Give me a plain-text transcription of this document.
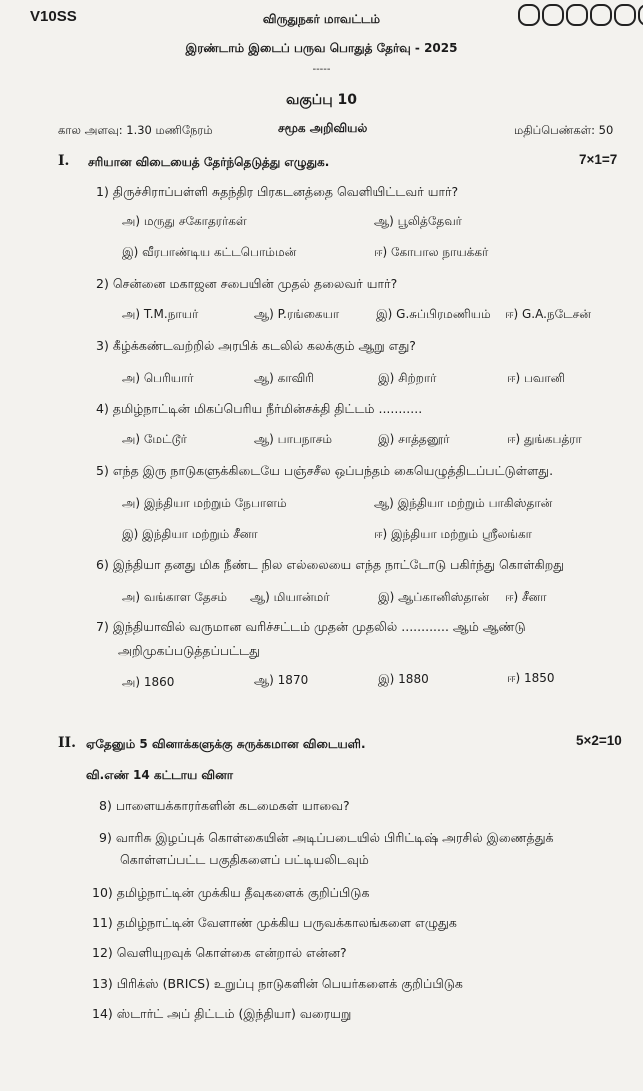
V10SS	விருதுநகர் மாவட்டம்
இரண்டாம் இடைப் பருவ பொதுத் தேர்வு - 2025
-----
வகுப்பு 10
கால அளவு: 1.30 மணிநேரம்	சமூக அறிவியல்	மதிப்பெண்கள்: 50
I. சரியான விடையைத் தேர்ந்தெடுத்து எழுதுக.	7×1=7
1) திருச்சிராப்பள்ளி சுதந்திர பிரகடனத்தை வெளியிட்டவர் யார்?
அ) மருது சகோதரர்கள்	ஆ) பூலித்தேவர்
இ) வீரபாண்டிய கட்டபொம்மன்	ஈ) கோபால நாயக்கர்
2) சென்னை மகாஜன சபையின் முதல் தலைவர் யார்?
அ) T.M.நாயர்	ஆ) P.ரங்கையா	இ) G.சுப்பிரமணியம் ஈ) G.A.நடேசன்
3) கீழ்க்கண்டவற்றில் அரபிக் கடலில் கலக்கும் ஆறு எது?
அ) பெரியார்	ஆ) காவிரி	இ) சிற்றார்	ஈ) பவானி
4) தமிழ்நாட்டின் மிகப்பெரிய நீர்மின்சக்தி திட்டம் ...........
அ) மேட்டூர்	ஆ) பாபநாசம்	இ) சாத்தனூர்	ஈ) துங்கபத்ரா
5) எந்த இரு நாடுகளுக்கிடையே பஞ்சசீல ஒப்பந்தம் கையெழுத்திடப்பட்டுள்ளது.
அ) இந்தியா மற்றும் நேபாளம்	ஆ) இந்தியா மற்றும் பாகிஸ்தான்
இ) இந்தியா மற்றும் சீனா	ஈ) இந்தியா மற்றும் ஸ்ரீலங்கா
6) இந்தியா தனது மிக நீண்ட நில எல்லையை எந்த நாட்டோடு பகிர்ந்து கொள்கிறது
அ) வங்காள தேசம் ஆ) மியான்மர்	இ) ஆப்கானிஸ்தான் ஈ) சீனா
7) இந்தியாவில் வருமான வரிச்சட்டம் முதன் முதலில் ............ ஆம் ஆண்டு
அறிமுகப்படுத்தப்பட்டது
அ) 1860	ஆ) 1870	இ) 1880	ஈ) 1850
II. ஏதேனும் 5 வினாக்களுக்கு சுருக்கமான விடையளி.	5×2=10
வி.எண் 14 கட்டாய வினா
8) பாளையக்காரர்களின் கடமைகள் யாவை?
9) வாரிசு இழப்புக் கொள்கையின் அடிப்படையில் பிரிட்டிஷ் அரசில் இணைத்துக்
கொள்ளப்பட்ட பகுதிகளைப் பட்டியலிடவும்
10) தமிழ்நாட்டின் முக்கிய தீவுகளைக் குறிப்பிடுக
11) தமிழ்நாட்டின் வேளாண் முக்கிய பருவக்காலங்களை எழுதுக
12) வெளியுறவுக் கொள்கை என்றால் என்ன?
13) பிரிக்ஸ் (BRICS) உறுப்பு நாடுகளின் பெயர்களைக் குறிப்பிடுக
14) ஸ்டார்ட் அப் திட்டம் (இந்தியா) வரையறு
